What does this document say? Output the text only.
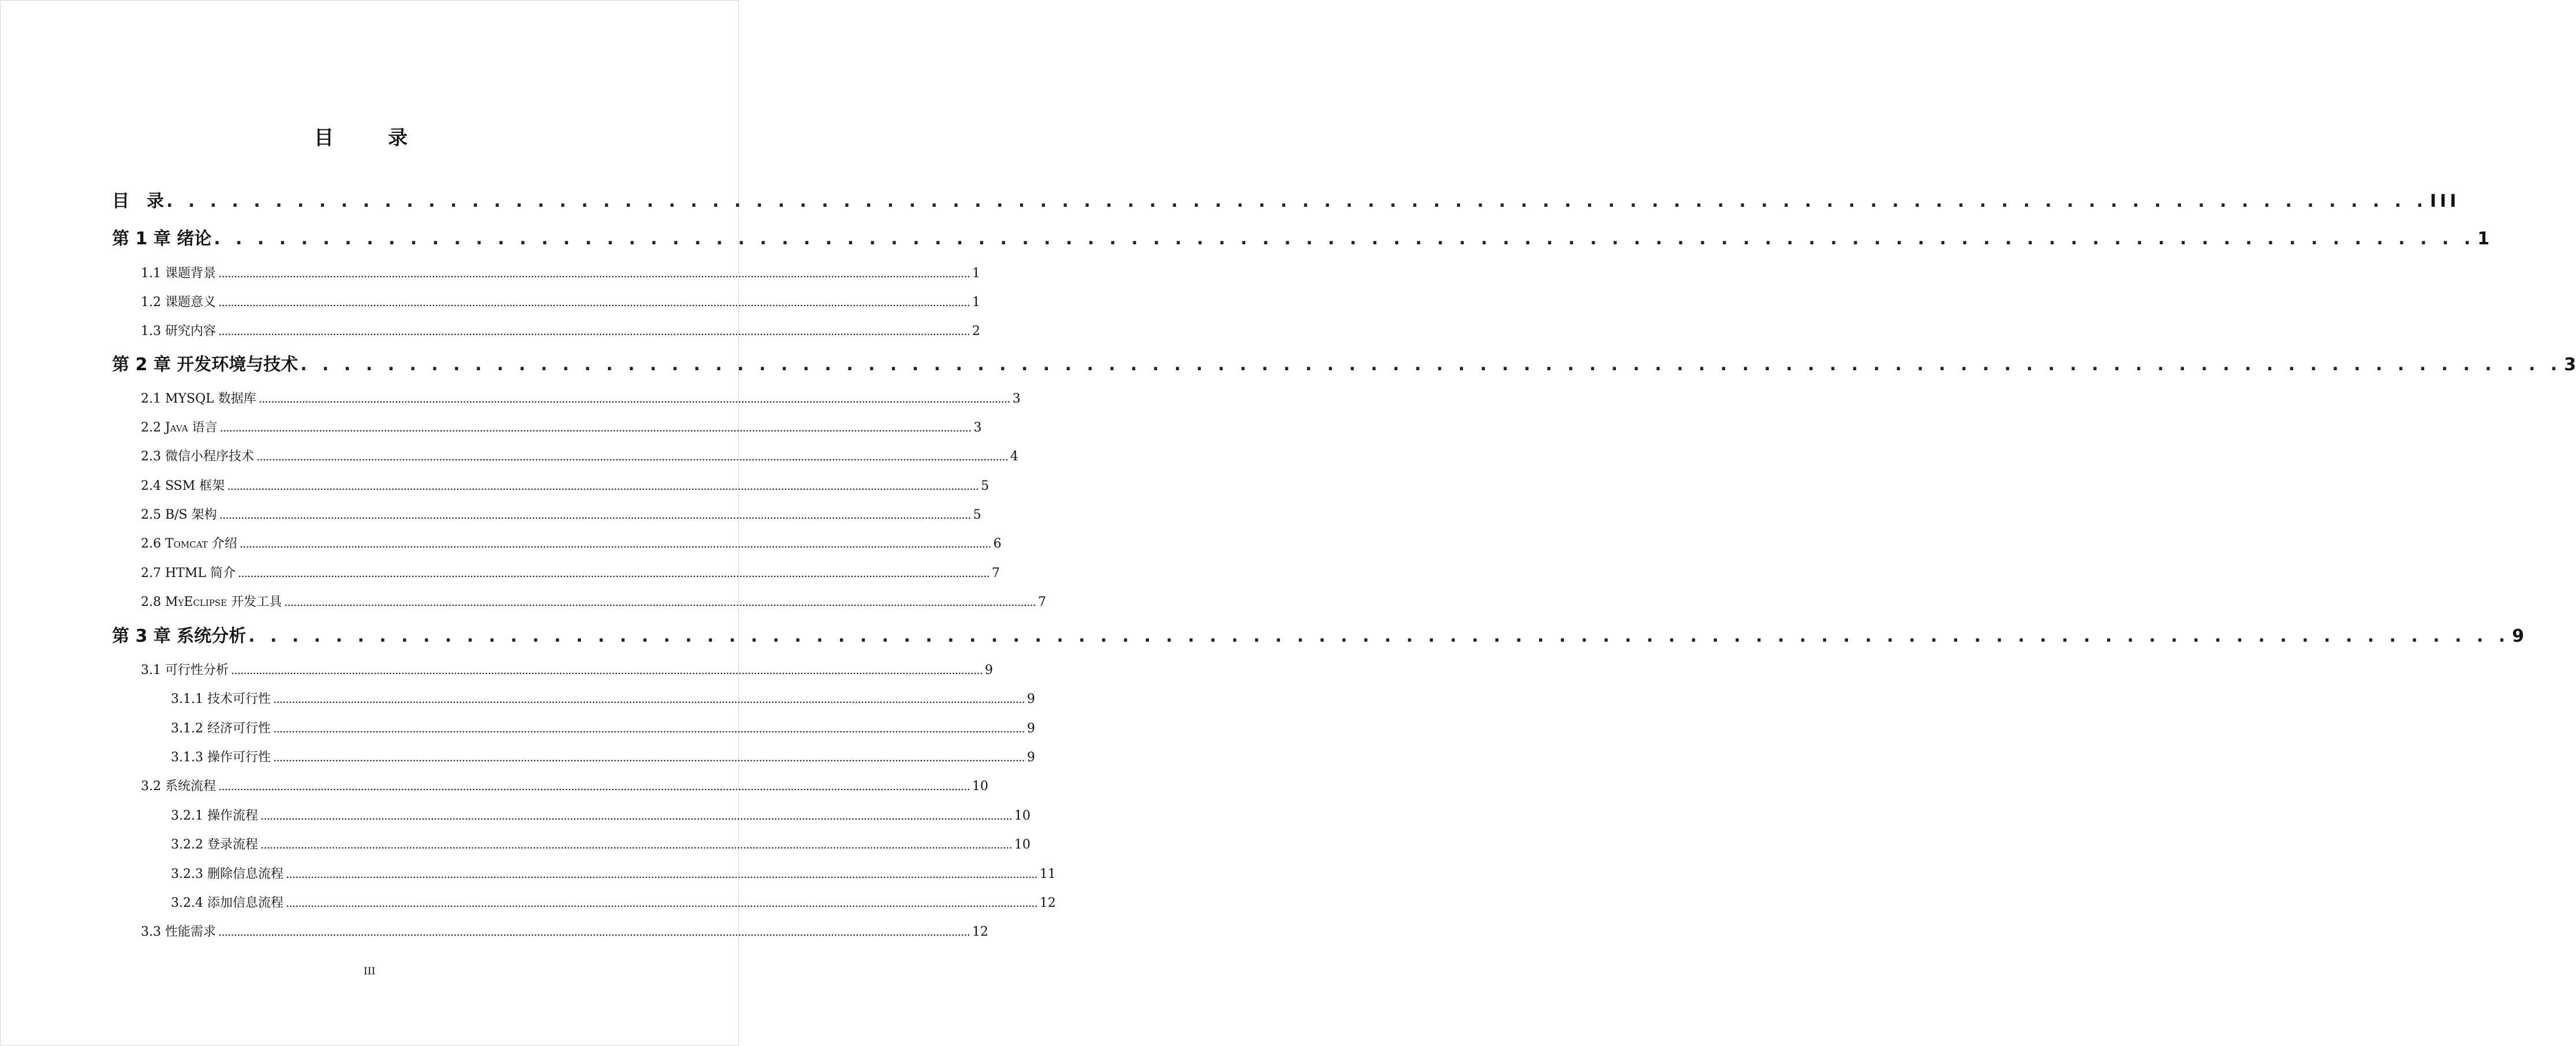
目　录
目　录 . . . . . . . . . . . . . . . . . . . . . . . . . . . . . . . . . . . . . . . . . . . . . . . . . . . . . . . . . . . . . . . . . . . . . . . . . . . . . . . . . . . . . . . . . . . . . . . . . . . . . . . . III
第 1 章 绪论 . . . . . . . . . . . . . . . . . . . . . . . . . . . . . . . . . . . . . . . . . . . . . . . . . . . . . . . . . . . . . . . . . . . . . . . . . . . . . . . . . . . . . . . . . . . . . . . . . . . . . . . . 1
1.1 课题背景 ................................................................................................................................................................................................................................................... 1
1.2 课题意义 ................................................................................................................................................................................................................................................... 1
1.3 研究内容 ................................................................................................................................................................................................................................................... 2
第 2 章 开发环境与技术 . . . . . . . . . . . . . . . . . . . . . . . . . . . . . . . . . . . . . . . . . . . . . . . . . . . . . . . . . . . . . . . . . . . . . . . . . . . . . . . . . . . . . . . . . . . . . . . . . . . . . . . . 3
2.1 MYSQL 数据库 ................................................................................................................................................................................................................................................... 3
2.2 Java 语言 ................................................................................................................................................................................................................................................... 3
2.3 微信小程序技术 ................................................................................................................................................................................................................................................... 4
2.4 SSM 框架 ................................................................................................................................................................................................................................................... 5
2.5 B/S 架构 ................................................................................................................................................................................................................................................... 5
2.6 Tomcat 介绍 ................................................................................................................................................................................................................................................... 6
2.7 HTML 简介 ................................................................................................................................................................................................................................................... 7
2.8 MyEclipse 开发工具 ................................................................................................................................................................................................................................................... 7
第 3 章 系统分析 . . . . . . . . . . . . . . . . . . . . . . . . . . . . . . . . . . . . . . . . . . . . . . . . . . . . . . . . . . . . . . . . . . . . . . . . . . . . . . . . . . . . . . . . . . . . . . . . . . . . . . . . 9
3.1 可行性分析 ................................................................................................................................................................................................................................................... 9
3.1.1 技术可行性 ................................................................................................................................................................................................................................................... 9
3.1.2 经济可行性 ................................................................................................................................................................................................................................................... 9
3.1.3 操作可行性 ................................................................................................................................................................................................................................................... 9
3.2 系统流程 ................................................................................................................................................................................................................................................... 10
3.2.1 操作流程 ................................................................................................................................................................................................................................................... 10
3.2.2 登录流程 ................................................................................................................................................................................................................................................... 10
3.2.3 删除信息流程 ................................................................................................................................................................................................................................................... 11
3.2.4 添加信息流程 ................................................................................................................................................................................................................................................... 12
3.3 性能需求 ................................................................................................................................................................................................................................................... 12
III
